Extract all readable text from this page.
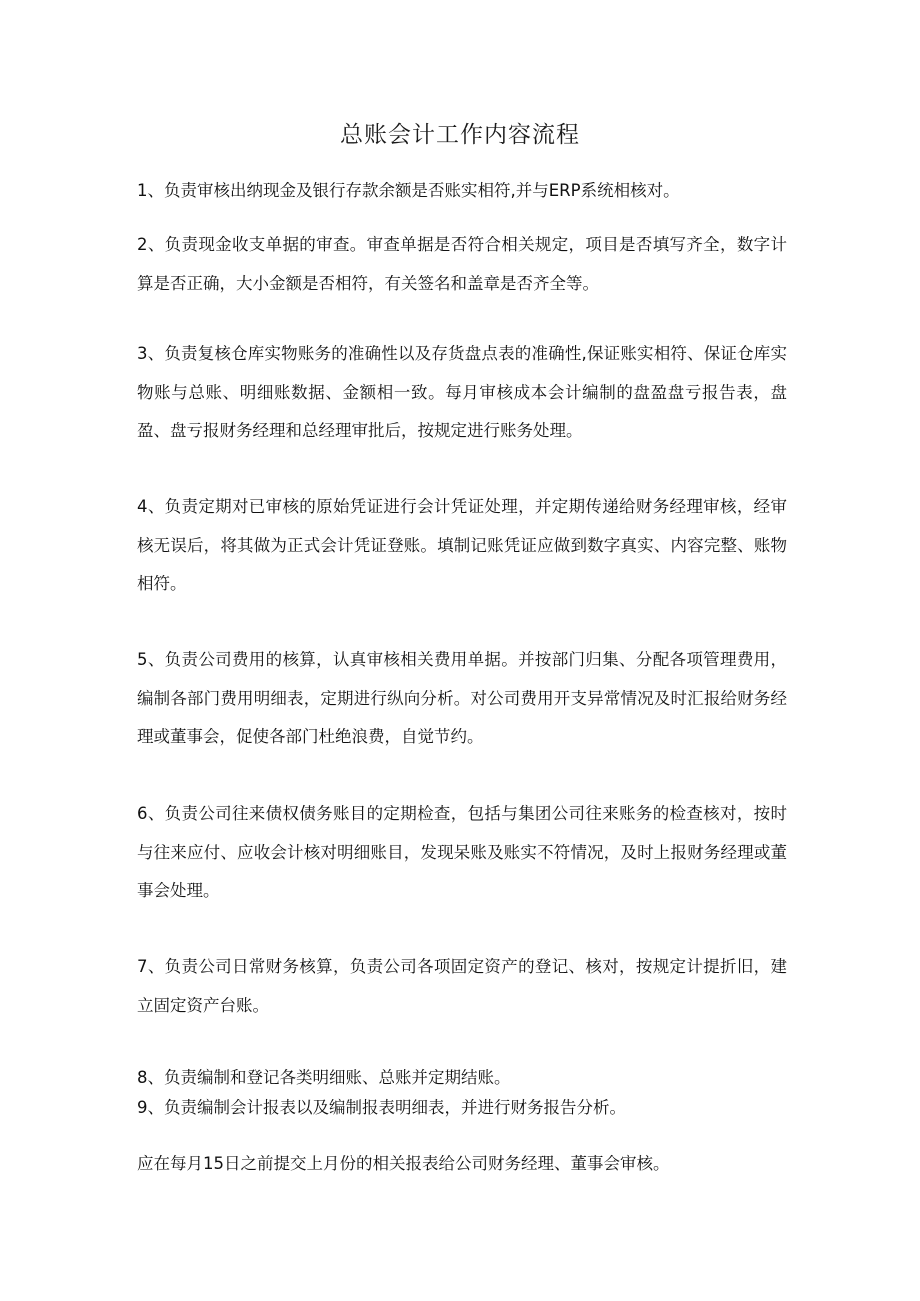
总账会计工作内容流程
1、负责审核出纳现金及银行存款余额是否账实相符,并与ERP系统相核对。
2、负责现金收支单据的审查。审查单据是否符合相关规定，项目是否填写齐全，数字计算是否正确，大小金额是否相符，有关签名和盖章是否齐全等。
3、负责复核仓库实物账务的准确性以及存货盘点表的准确性,保证账实相符、保证仓库实物账与总账、明细账数据、金额相一致。每月审核成本会计编制的盘盈盘亏报告表，盘盈、盘亏报财务经理和总经理审批后，按规定进行账务处理。
4、负责定期对已审核的原始凭证进行会计凭证处理，并定期传递给财务经理审核，经审核无误后，将其做为正式会计凭证登账。填制记账凭证应做到数字真实、内容完整、账物相符。
5、负责公司费用的核算，认真审核相关费用单据。并按部门归集、分配各项管理费用，编制各部门费用明细表，定期进行纵向分析。对公司费用开支异常情况及时汇报给财务经理或董事会，促使各部门杜绝浪费，自觉节约。
6、负责公司往来债权债务账目的定期检查，包括与集团公司往来账务的检查核对，按时与往来应付、应收会计核对明细账目，发现呆账及账实不符情况，及时上报财务经理或董事会处理。
7、负责公司日常财务核算，负责公司各项固定资产的登记、核对，按规定计提折旧，建立固定资产台账。
8、负责编制和登记各类明细账、总账并定期结账。
9、负责编制会计报表以及编制报表明细表，并进行财务报告分析。
应在每月15日之前提交上月份的相关报表给公司财务经理、董事会审核。
